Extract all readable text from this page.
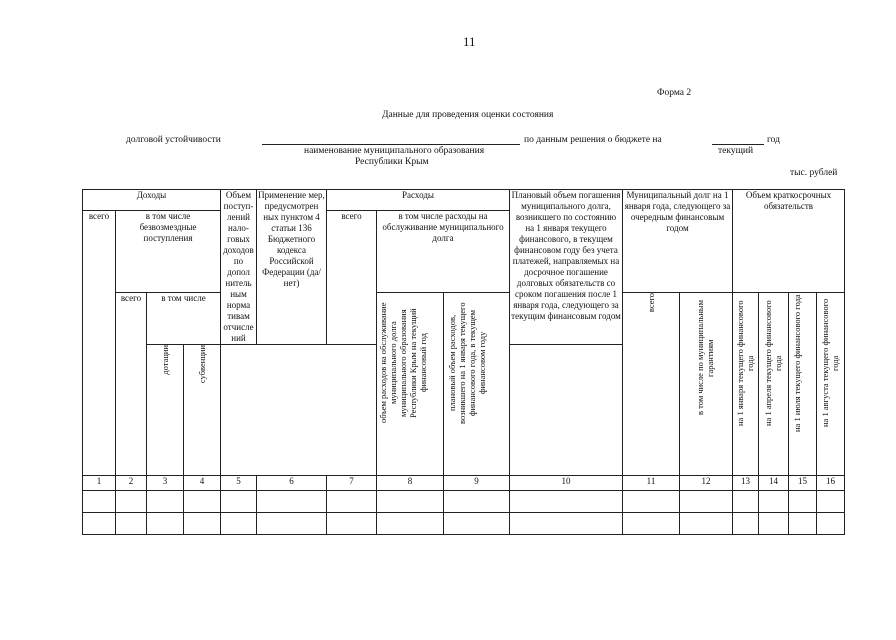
11
Форма 2
Данные для проведения оценки состояния
долговой устойчивости	по данным решения о бюджете на	год
наименование муниципального образования
Республики Крым
текущий
тыс. рублей
Доходы				Объем поступ-лений нало-говых доходов по допол нитель ным норма тивам отчисле ний	Применение мер, предусмотрен ных пунктом 4 статьи 136 Бюджетного кодекса Российской Федерации (да/нет)	Расходы			Плановый объем погашения муниципального долга, возникшего по состоянию на 1 января текущего финансового, в текущем финансовом году без учета платежей, направляемых на досрочное погашение долговых обязательств со сроком погашения после 1 января года, следующего за текущим финансовым годом	Муниципальный долг на 1 января года, следующего за очередным финансовым годом		Объем краткосрочных обязательств			
всего	в том числе безвозмездные поступления					всего	в том числе расходы на обслуживание муниципального долга								
	всего	в том числе					объем расходов на обслуживание муниципального долга муниципального образования Республики Крым на текущий финансовый год	плановый объем расходов, возникшего на 1 января текущего финансового года, в текущем финансовом году		всего	в том числе по муниципальным гарантиям	на 1 января текущего финансового года	на 1 апреля текущего финансового года	на 1 июля текущего финансового года	на 1 августа текущего финансового года
		дотации	субвенции												
1	2	3	4	5	6	7	8	9	10	11	12	13	14	15	16
